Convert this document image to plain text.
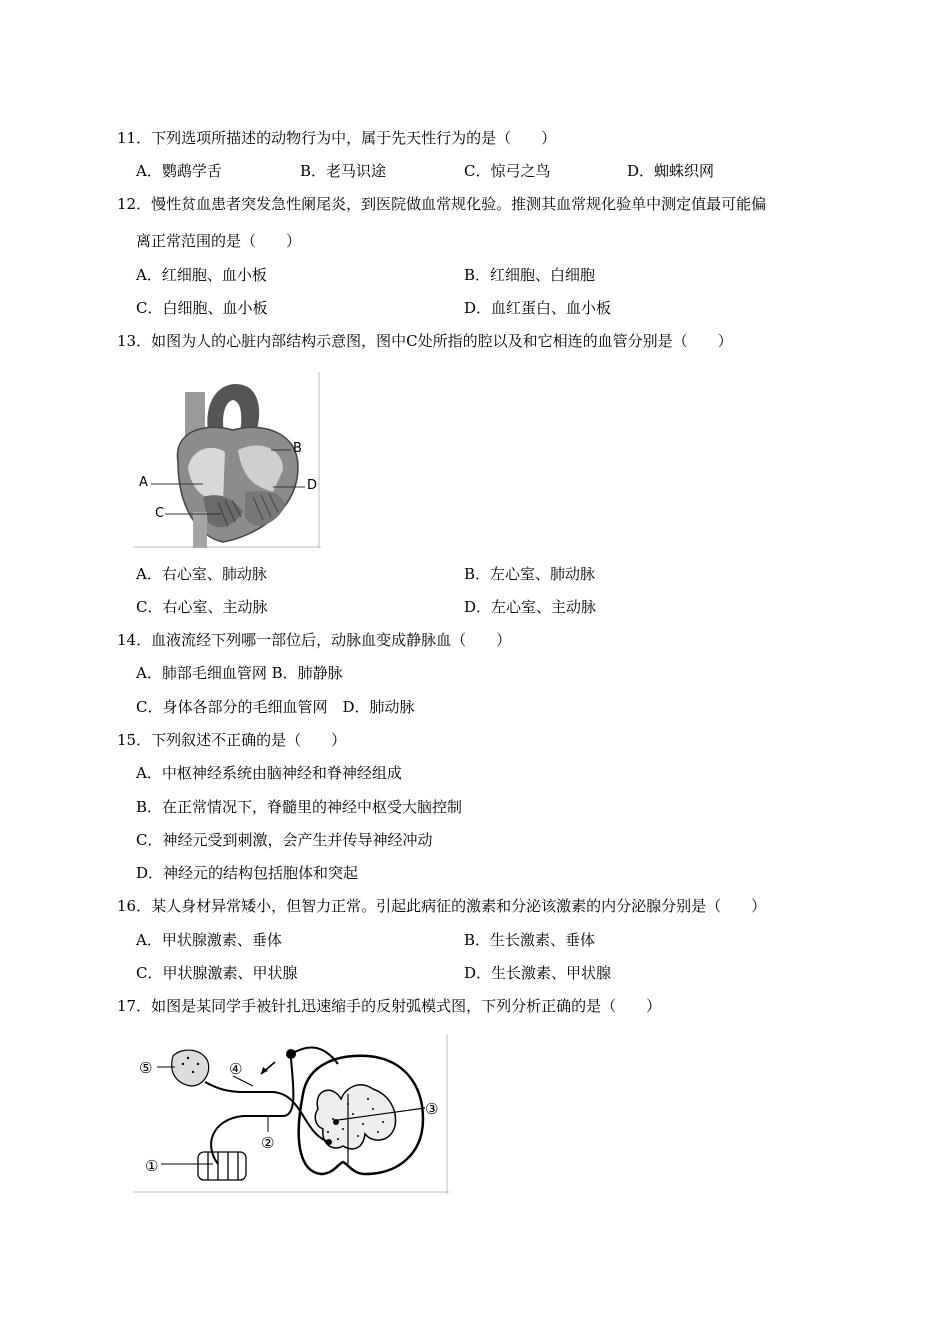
11．下列选项所描述的动物行为中，属于先天性行为的是（　　）
A．鹦鹉学舌	B．老马识途	C．惊弓之鸟	D．蜘蛛织网
12．慢性贫血患者突发急性阑尾炎，到医院做血常规化验。推测其血常规化验单中测定值最可能偏
离正常范围的是（　　）
A．红细胞、血小板	B．红细胞、白细胞
C．白细胞、血小板	D．血红蛋白、血小板
13．如图为人的心脏内部结构示意图，图中C处所指的腔以及和它相连的血管分别是（　　）
A
B
C
D
A．右心室、肺动脉	B．左心室、肺动脉
C．右心室、主动脉	D．左心室、主动脉
14．血液流经下列哪一部位后，动脉血变成静脉血（　　）
A．肺部毛细血管网 B．肺静脉
C．身体各部分的毛细血管网　D．肺动脉
15．下列叙述不正确的是（　　）
A．中枢神经系统由脑神经和脊神经组成
B．在正常情况下，脊髓里的神经中枢受大脑控制
C．神经元受到刺激，会产生并传导神经冲动
D．神经元的结构包括胞体和突起
16．某人身材异常矮小，但智力正常。引起此病征的激素和分泌该激素的内分泌腺分别是（　　）
A．甲状腺激素、垂体	B．生长激素、垂体
C．甲状腺激素、甲状腺	D．生长激素、甲状腺
17．如图是某同学手被针扎迅速缩手的反射弧模式图，下列分析正确的是（　　）
①
②
③
④
⑤
